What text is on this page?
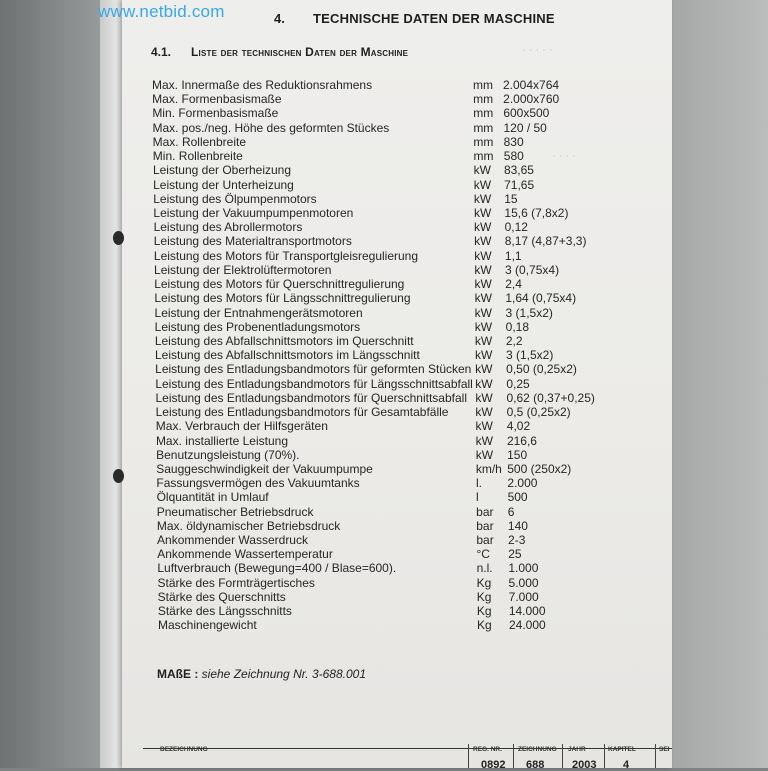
· · · · ·
· · · ·
www.netbid.com	4. TECHNISCHE DATEN DER MASCHINE
4.1. Liste der technischen Daten der Maschine
Max. Innermaße des Reduktionsrahmens	mm 2.004x764
Max. Formenbasismaße	mm 2.000x760
Min. Formenbasismaße	mm 600x500
Max. pos./neg. Höhe des geformten Stückes	mm 120 / 50
Max. Rollenbreite	mm 830
Min. Rollenbreite	mm 580
Leistung der Oberheizung	kW 83,65
Leistung der Unterheizung	kW 71,65
Leistung des Ölpumpenmotors	kW 15
Leistung der Vakuumpumpenmotoren	kW 15,6 (7,8x2)
Leistung des Abrollermotors	kW 0,12
Leistung des Materialtransportmotors	kW 8,17 (4,87+3,3)
Leistung des Motors für Transportgleisregulierung	kW 1,1
Leistung der Elektrolüftermotoren	kW 3 (0,75x4)
Leistung des Motors für Querschnittregulierung	kW 2,4
Leistung des Motors für Längsschnittregulierung	kW 1,64 (0,75x4)
Leistung der Entnahmengerätsmotoren	kW 3 (1,5x2)
Leistung des Probenentladungsmotors	kW 0,18
Leistung des Abfallschnittsmotors im Querschnitt	kW 2,2
Leistung des Abfallschnittsmotors im Längsschnitt	kW 3 (1,5x2)
Leistung des Entladungsbandmotors für geformten Stücken kW 0,50 (0,25x2)
Leistung des Entladungsbandmotors für Längsschnittsabfall kW 0,25
Leistung des Entladungsbandmotors für Querschnittsabfall kW 0,62 (0,37+0,25)
Leistung des Entladungsbandmotors für Gesamtabfälle kW 0,5 (0,25x2)
Max. Verbrauch der Hilfsgeräten	kW 4,02
Max. installierte Leistung	kW 216,6
Benutzungsleistung (70%).	kW 150
Sauggeschwindigkeit der Vakuumpumpe	km/h 500 (250x2)
Fassungsvermögen des Vakuumtanks	l. 2.000
Ölquantität in Umlauf	l 500
Pneumatischer Betriebsdruck	bar 6
Max. öldynamischer Betriebsdruck	bar 140
Ankommender Wasserdruck	bar 2-3
Ankommende Wassertemperatur	°C 25
Luftverbrauch (Bewegung=400 / Blase=600).	n.l. 1.000
Stärke des Formträgertisches	Kg 5.000
Stärke des Querschnitts	Kg 7.000
Stärke des Längsschnitts	Kg 14.000
Maschinengewicht	Kg 24.000
MAßE : siehe Zeichnung Nr. 3-688.001
BEZEICHNUNG	REG. NR.
0892
ZEICHNUNG
688
JAHR
2003
KAPITEL
4
SEI
